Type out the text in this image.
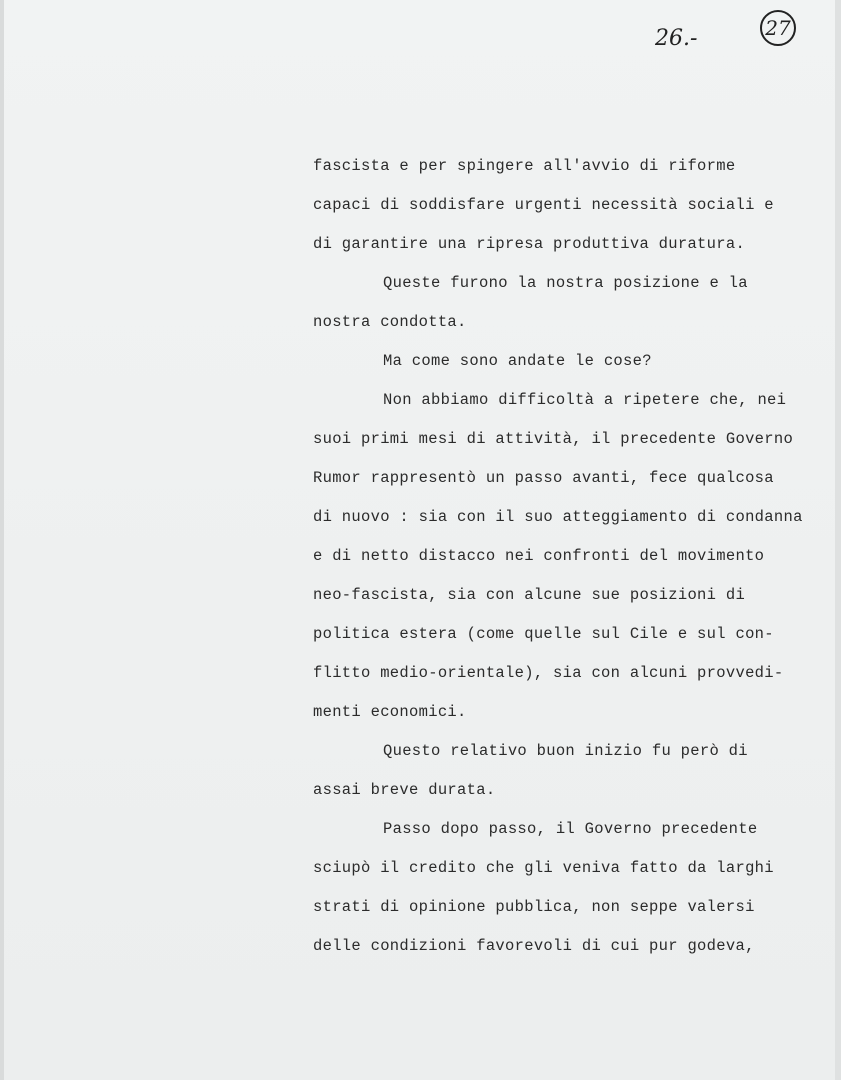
26.-	27
fascista e per spingere all'avvio di riforme
capaci di soddisfare urgenti necessità sociali e
di garantire una ripresa produttiva duratura.
Queste furono la nostra posizione e la
nostra condotta.
Ma come sono andate le cose?
Non abbiamo difficoltà a ripetere che, nei
suoi primi mesi di attività, il precedente Governo
Rumor rappresentò un passo avanti, fece qualcosa
di nuovo : sia con il suo atteggiamento di condanna
e di netto distacco nei confronti del movimento
neo-fascista, sia con alcune sue posizioni di
politica estera (come quelle sul Cile e sul con-
flitto medio-orientale), sia con alcuni provvedi-
menti economici.
Questo relativo buon inizio fu però di
assai breve durata.
Passo dopo passo, il Governo precedente
sciupò il credito che gli veniva fatto da larghi
strati di opinione pubblica, non seppe valersi
delle condizioni favorevoli di cui pur godeva,
